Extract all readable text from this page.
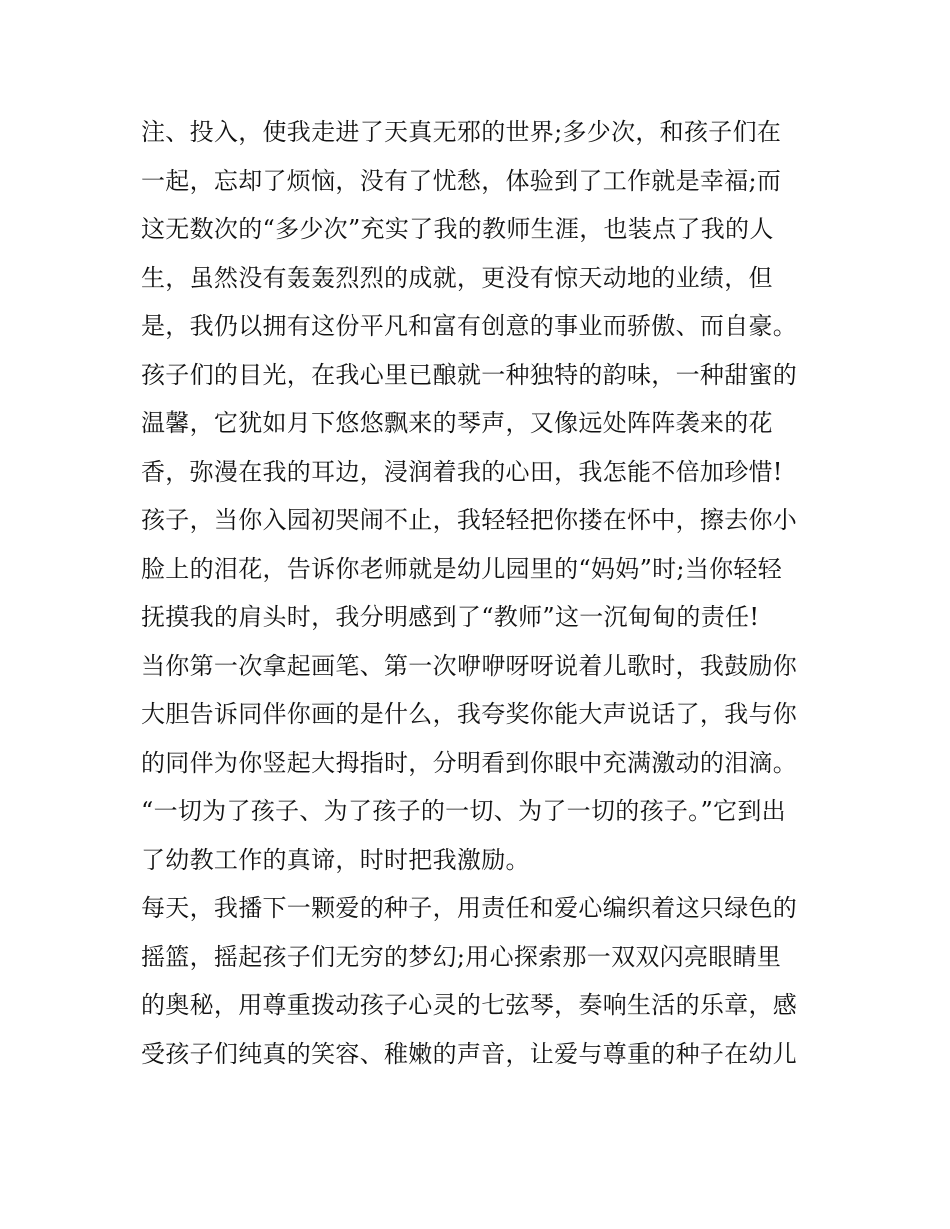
注、投入，使我走进了天真无邪的世界;多少次，和孩子们在
一起，忘却了烦恼，没有了忧愁，体验到了工作就是幸福;而
这无数次的“多少次”充实了我的教师生涯，也装点了我的人
生，虽然没有轰轰烈烈的成就，更没有惊天动地的业绩，但
是，我仍以拥有这份平凡和富有创意的事业而骄傲、而自豪。
孩子们的目光，在我心里已酿就一种独特的韵味，一种甜蜜的
温馨，它犹如月下悠悠飘来的琴声，又像远处阵阵袭来的花
香，弥漫在我的耳边，浸润着我的心田，我怎能不倍加珍惜!
孩子，当你入园初哭闹不止，我轻轻把你搂在怀中，擦去你小
脸上的泪花，告诉你老师就是幼儿园里的“妈妈”时;当你轻轻
抚摸我的肩头时，我分明感到了“教师”这一沉甸甸的责任!
当你第一次拿起画笔、第一次咿咿呀呀说着儿歌时，我鼓励你
大胆告诉同伴你画的是什么，我夸奖你能大声说话了，我与你
的同伴为你竖起大拇指时，分明看到你眼中充满激动的泪滴。
“一切为了孩子、为了孩子的一切、为了一切的孩子。”它到出
了幼教工作的真谛，时时把我激励。
每天，我播下一颗爱的种子，用责任和爱心编织着这只绿色的
摇篮，摇起孩子们无穷的梦幻;用心探索那一双双闪亮眼睛里
的奥秘，用尊重拨动孩子心灵的七弦琴，奏响生活的乐章，感
受孩子们纯真的笑容、稚嫩的声音，让爱与尊重的种子在幼儿
